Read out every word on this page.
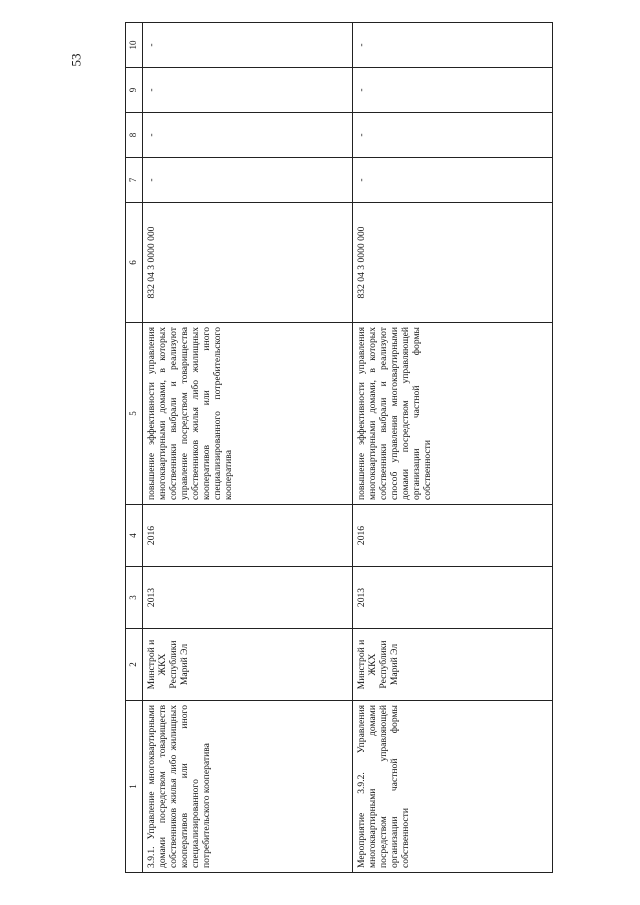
53
1	2	3	4	5	6	7	8	9	10
3.9.1. Управление многоквартирными домами посредством товариществ собственников жилья либо жилищных кооперативов или иного специализированного потребительского кооператива	Минстрой и ЖКХ Республики Марий Эл	2013	2016	повышение эффективности управления многоквартирными домами, в которых собственники выбрали и реализуют управление посредством товарищества собственников жилья либо жилищных кооперативов или иного специализированного потребительского кооператива	832 04 3 0000 000	-	-	-	-
Мероприятие 3.9.2. Управления многоквартирными домами посредством управляющей организации частной формы собственности	Минстрой и ЖКХ Республики Марий Эл	2013	2016	повышение эффективности управления многоквартирными домами, в которых собственники выбрали и реализуют способ управления многоквартирными домами посредством управляющей организации частной формы собственности	832 04 3 0000 000	-	-	-	-
